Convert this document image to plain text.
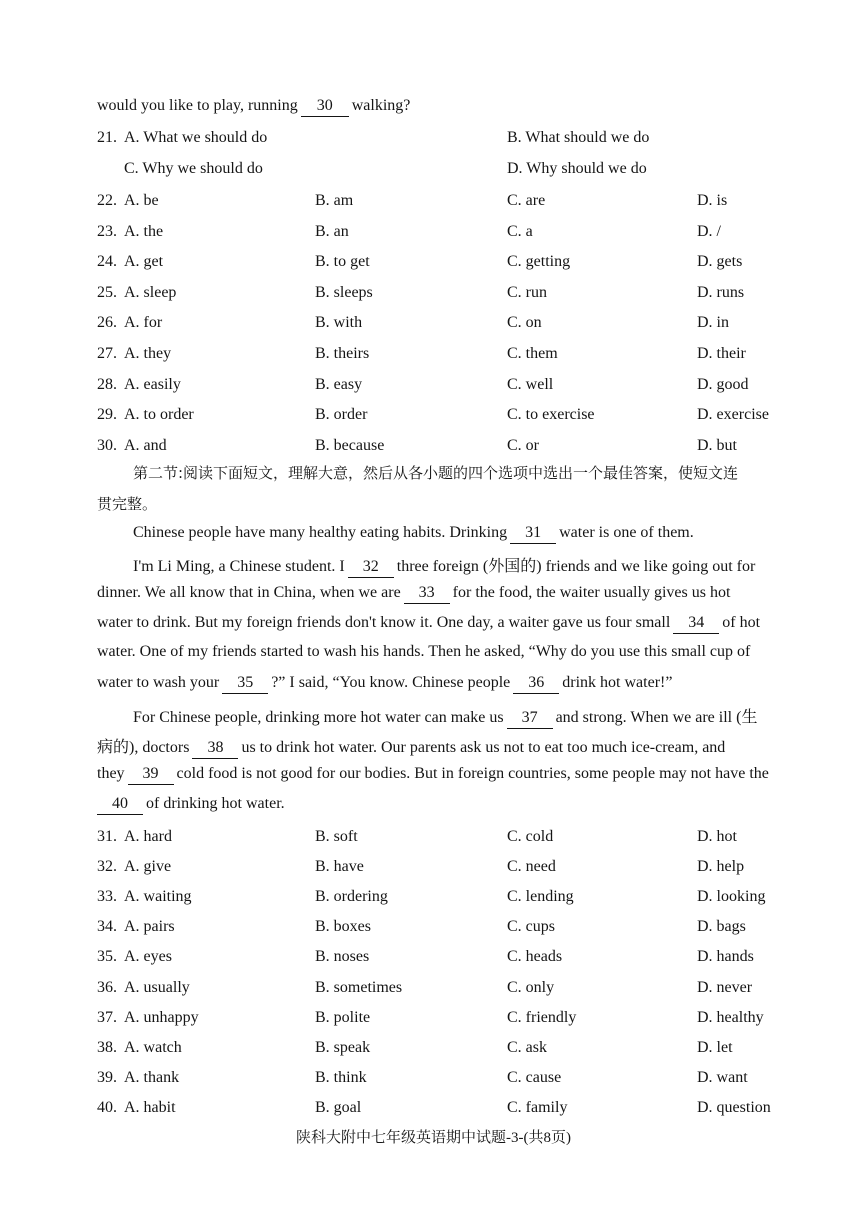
would you like to play, running 30 walking?
21. A. What we should do	B. What should we do
C. Why we should do	D. Why should we do
22. A. be	B. am	C. are	D. is
23. A. the	B. an	C. a	D. /
24. A. get	B. to get	C. getting	D. gets
25. A. sleep	B. sleeps	C. run	D. runs
26. A. for	B. with	C. on	D. in
27. A. they	B. theirs	C. them	D. their
28. A. easily	B. easy	C. well	D. good
29. A. to order	B. order	C. to exercise	D. exercise
30. A. and	B. because	C. or	D. but
第二节:阅读下面短文，理解大意，然后从各小题的四个选项中选出一个最佳答案，使短文连
贯完整。
Chinese people have many healthy eating habits. Drinking 31 water is one of them.
I'm Li Ming, a Chinese student. I 32 three foreign (外国的) friends and we like going out for
dinner. We all know that in China, when we are 33 for the food, the waiter usually gives us hot
water to drink. But my foreign friends don't know it. One day, a waiter gave us four small 34 of hot
water. One of my friends started to wash his hands. Then he asked, “Why do you use this small cup of
water to wash your 35 ?” I said, “You know. Chinese people 36 drink hot water!”
For Chinese people, drinking more hot water can make us 37 and strong. When we are ill (生
病的), doctors 38 us to drink hot water. Our parents ask us not to eat too much ice-cream, and
they 39 cold food is not good for our bodies. But in foreign countries, some people may not have the
40 of drinking hot water.
31. A. hard	B. soft	C. cold	D. hot
32. A. give	B. have	C. need	D. help
33. A. waiting	B. ordering	C. lending	D. looking
34. A. pairs	B. boxes	C. cups	D. bags
35. A. eyes	B. noses	C. heads	D. hands
36. A. usually	B. sometimes	C. only	D. never
37. A. unhappy	B. polite	C. friendly	D. healthy
38. A. watch	B. speak	C. ask	D. let
39. A. thank	B. think	C. cause	D. want
40. A. habit	B. goal	C. family	D. question
陕科大附中七年级英语期中试题-3-(共8页)
